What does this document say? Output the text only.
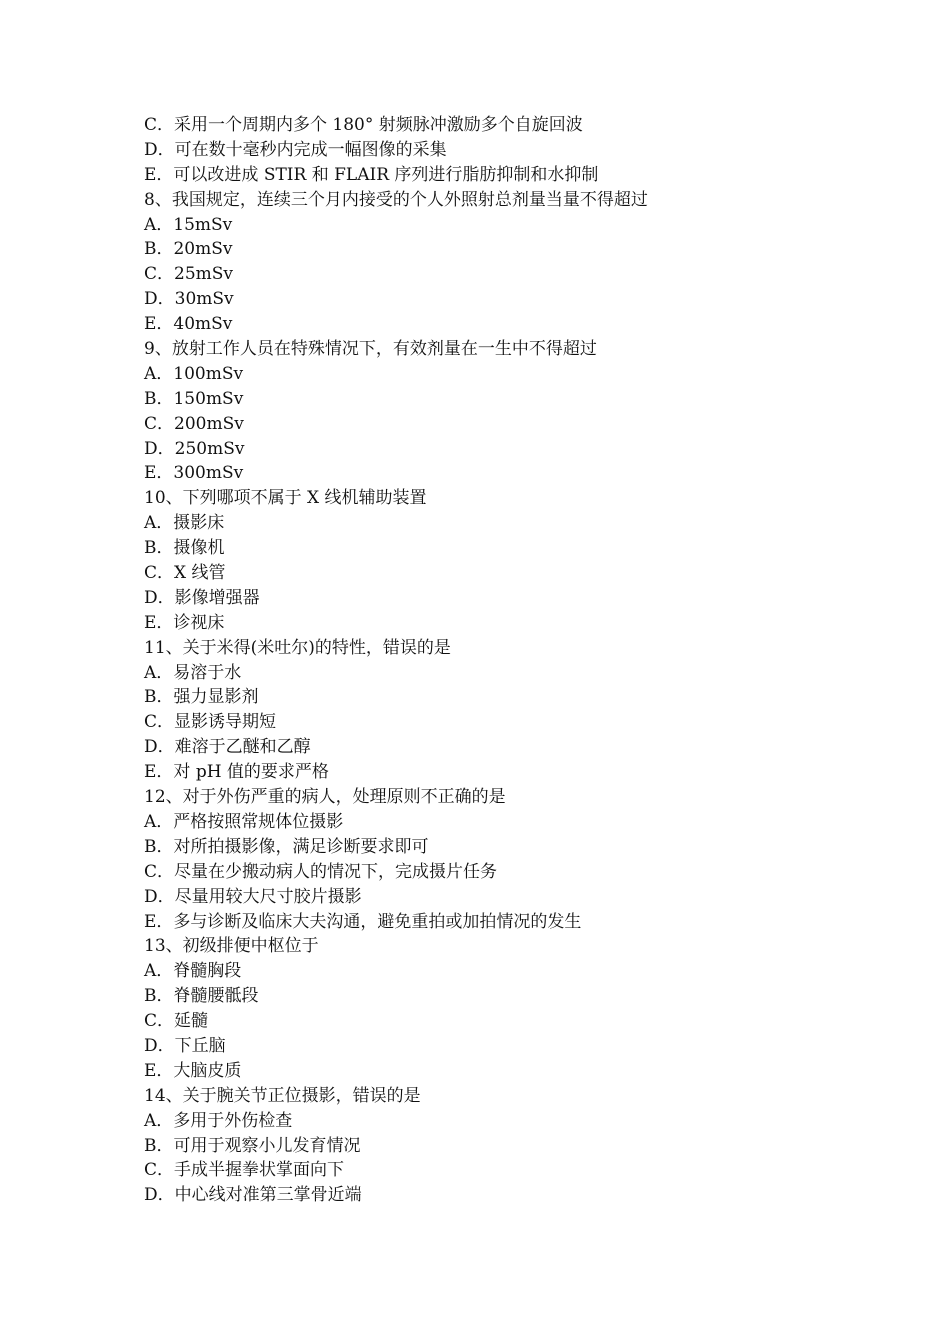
C．采用一个周期内多个 180° 射频脉冲激励多个自旋回波
D．可在数十毫秒内完成一幅图像的采集
E．可以改进成 STIR 和 FLAIR 序列进行脂肪抑制和水抑制
8、我国规定，连续三个月内接受的个人外照射总剂量当量不得超过
A．15mSv
B．20mSv
C．25mSv
D．30mSv
E．40mSv
9、放射工作人员在特殊情况下，有效剂量在一生中不得超过
A．100mSv
B．150mSv
C．200mSv
D．250mSv
E．300mSv
10、下列哪项不属于 X 线机辅助装置
A．摄影床
B．摄像机
C．X 线管
D．影像增强器
E．诊视床
11、关于米得(米吐尔)的特性，错误的是
A．易溶于水
B．强力显影剂
C．显影诱导期短
D．难溶于乙醚和乙醇
E．对 pH 值的要求严格
12、对于外伤严重的病人，处理原则不正确的是
A．严格按照常规体位摄影
B．对所拍摄影像，满足诊断要求即可
C．尽量在少搬动病人的情况下，完成摄片任务
D．尽量用较大尺寸胶片摄影
E．多与诊断及临床大夫沟通，避免重拍或加拍情况的发生
13、初级排便中枢位于
A．脊髓胸段
B．脊髓腰骶段
C．延髓
D．下丘脑
E．大脑皮质
14、关于腕关节正位摄影，错误的是
A．多用于外伤检查
B．可用于观察小儿发育情况
C．手成半握拳状掌面向下
D．中心线对准第三掌骨近端
